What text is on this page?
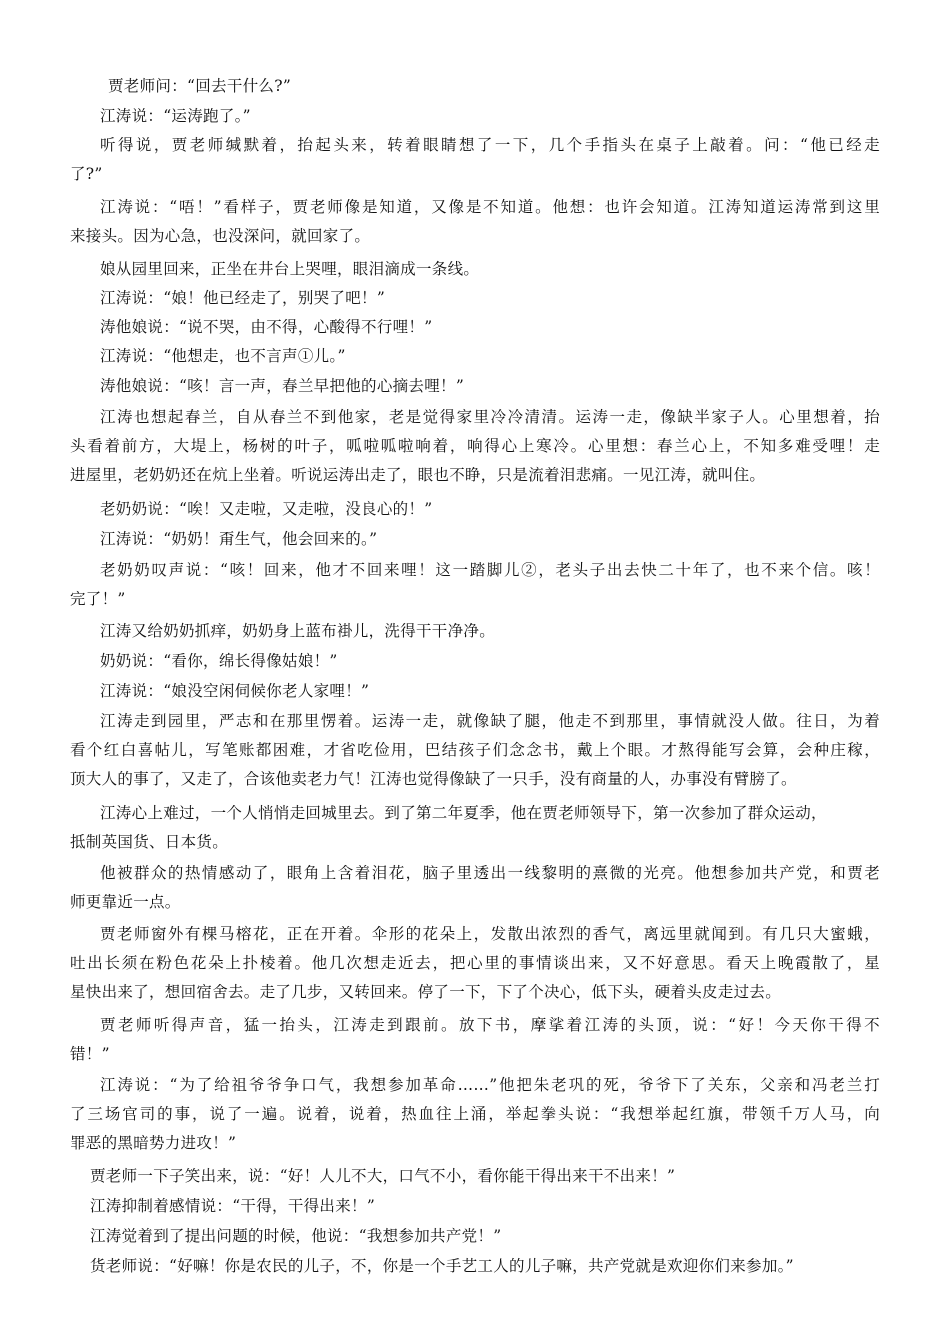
贾老师问：“回去干什么?”
江涛说：“运涛跑了。”
听得说，贾老师缄默着，抬起头来，转着眼睛想了一下，几个手指头在桌子上敲着。问：“他已经走
了?”
江涛说：“唔！”看样子，贾老师像是知道，又像是不知道。他想：也许会知道。江涛知道运涛常到这里
来接头。因为心急，也没深问，就回家了。
娘从园里回来，正坐在井台上哭哩，眼泪滴成一条线。
江涛说：“娘！他已经走了，别哭了吧！”
涛他娘说：“说不哭，由不得，心酸得不行哩！”
江涛说：“他想走，也不言声①儿。”
涛他娘说：“咳！言一声，春兰早把他的心摘去哩！”
江涛也想起春兰，自从春兰不到他家，老是觉得家里冷冷清清。运涛一走，像缺半家子人。心里想着，抬
头看着前方，大堤上，杨树的叶子，呱啦呱啦响着，响得心上寒冷。心里想：春兰心上，不知多难受哩！走
进屋里，老奶奶还在炕上坐着。听说运涛出走了，眼也不睁，只是流着泪悲痛。一见江涛，就叫住。
老奶奶说：“唉！又走啦，又走啦，没良心的！”
江涛说：“奶奶！甭生气，他会回来的。”
老奶奶叹声说：“咳！回来，他才不回来哩！这一踏脚儿②，老头子出去快二十年了，也不来个信。咳！
完了！”
江涛又给奶奶抓痒，奶奶身上蓝布褂儿，洗得干干净净。
奶奶说：“看你，绵长得像姑娘！”
江涛说：“娘没空闲伺候你老人家哩！”
江涛走到园里，严志和在那里愣着。运涛一走，就像缺了腿，他走不到那里，事情就没人做。往日，为着
看个红白喜帖儿，写笔账都困难，才省吃俭用，巴结孩子们念念书，戴上个眼。才熬得能写会算，会种庄稼，
顶大人的事了，又走了，合该他卖老力气！江涛也觉得像缺了一只手，没有商量的人，办事没有臂膀了。
江涛心上难过，一个人悄悄走回城里去。到了第二年夏季，他在贾老师领导下，第一次参加了群众运动，
抵制英国货、日本货。
他被群众的热情感动了，眼角上含着泪花，脑子里透出一线黎明的熹微的光亮。他想参加共产党，和贾老
师更靠近一点。
贾老师窗外有棵马榕花，正在开着。伞形的花朵上，发散出浓烈的香气，离远里就闻到。有几只大蜜蛾，
吐出长须在粉色花朵上扑棱着。他几次想走近去，把心里的事情谈出来，又不好意思。看天上晚霞散了，星
星快出来了，想回宿舍去。走了几步，又转回来。停了一下，下了个决心，低下头，硬着头皮走过去。
贾老师听得声音，猛一抬头，江涛走到跟前。放下书，摩挲着江涛的头顶，说：“好！今天你干得不
错！”
江涛说：“为了给祖爷爷争口气，我想参加革命……”他把朱老巩的死，爷爷下了关东，父亲和冯老兰打
了三场官司的事，说了一遍。说着，说着，热血往上涌，举起拳头说：“我想举起红旗，带领千万人马，向
罪恶的黑暗势力进攻！”
贾老师一下子笑出来，说：“好！人儿不大，口气不小，看你能干得出来干不出来！”
江涛抑制着感情说：“干得，干得出来！”
江涛觉着到了提出问题的时候，他说：“我想参加共产党！”
货老师说：“好嘛！你是农民的儿子，不，你是一个手艺工人的儿子嘛，共产党就是欢迎你们来参加。”
